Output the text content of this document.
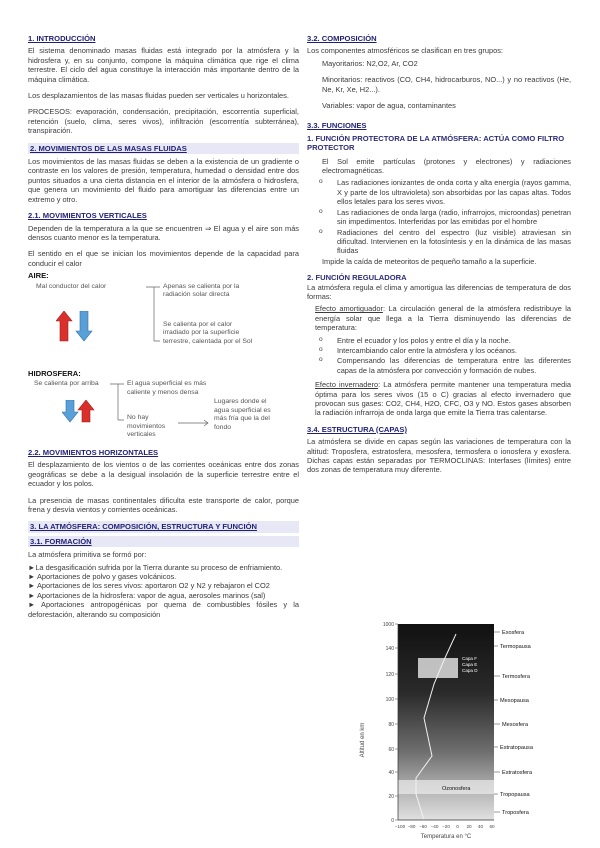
1. INTRODUCCIÓN
El sistema denominado masas fluidas está integrado por la atmósfera y la hidrosfera y, en su conjunto, compone la máquina climática que rige el clima terrestre. El ciclo del agua constituye la interacción más importante dentro de la máquina climática.
Los desplazamientos de las masas fluidas pueden ser verticales u horizontales.
PROCESOS: evaporación, condensación, precipitación, escorrentía superficial, retención (suelo, clima, seres vivos), infiltración (escorrentía subterránea), transpiración.
2. MOVIMIENTOS DE LAS MASAS FLUIDAS
Los movimientos de las masas fluidas se deben a la existencia de un gradiente o contraste en los valores de presión, temperatura, humedad o densidad entre dos puntos situados a una cierta distancia en el interior de la atmósfera o hidrosfera, que genera un movimiento del fluido para amortiguar las diferencias entre un extremo y otro.
2.1. MOVIMIENTOS VERTICALES
Dependen de la temperatura a la que se encuentren ⇒ El agua y el aire son más densos cuanto menor es la temperatura.
El sentido en el que se inician los movimientos depende de la capacidad para conducir el calor
AIRE:
Mal conductor del calor	Apenas se calienta por la radiación solar directa
Se calienta por el calor irradiado por la superficie terrestre, calentada por el Sol
HIDROSFERA:
Se calienta por arriba	El agua superficial es más caliente y menos densa
No hay movimientos verticales
Lugares donde el agua superficial es más fría que la del fondo
2.2. MOVIMIENTOS HORIZONTALES
El desplazamiento de los vientos o de las corrientes oceánicas entre dos zonas geográficas se debe a la desigual insolación de la superficie terrestre entre el ecuador y los polos.
La presencia de masas continentales dificulta este transporte de calor, porque frena y desvía vientos y corrientes oceánicas.
3. LA ATMÓSFERA: COMPOSICIÓN, ESTRUCTURA Y FUNCIÓN
3.1. FORMACIÓN
La atmósfera primitiva se formó por:
►La desgasificación sufrida por la Tierra durante su proceso de enfriamiento.
► Aportaciones de polvo y gases volcánicos.
► Aportaciones de los seres vivos: aportaron O2 y N2 y rebajaron el CO2
► Aportaciones de la hidrosfera: vapor de agua, aerosoles marinos (sal)
► Aportaciones antropogénicas por quema de combustibles fósiles y la deforestación, alterando su composición
3.2. COMPOSICIÓN
Los componentes atmosféricos se clasifican en tres grupos:
Mayoritarios: N2,O2, Ar, CO2
Minoritarios: reactivos (CO, CH4, hidrocarburos, NO...) y no reactivos (He, Ne, Kr, Xe, H2...).
Variables: vapor de agua, contaminantes
3.3. FUNCIONES
1. FUNCIÓN PROTECTORA DE LA ATMÓSFERA: ACTÚA COMO FILTRO PROTECTOR
El Sol emite partículas (protones y electrones) y radiaciones electromagnéticas.
o Las radiaciones ionizantes de onda corta y alta energía (rayos gamma, X y parte de los ultravioleta) son absorbidas por las capas altas. Todos ellos letales para los seres vivos.
o Las radiaciones de onda larga (radio, infrarrojos, microondas) penetran sin impedimentos. Interferidas por las emitidas por el hombre
o Radiaciones del centro del espectro (luz visible) atraviesan sin dificultad. Intervienen en la fotosíntesis y en la dinámica de las masas fluidas
Impide la caída de meteoritos de pequeño tamaño a la superficie.
2. FUNCIÓN REGULADORA
La atmósfera regula el clima y amortigua las diferencias de temperatura de dos formas:
Efecto amortiguador: La circulación general de la atmósfera redistribuye la energía solar que llega a la Tierra disminuyendo las diferencias de temperatura:
o Entre el ecuador y los polos y entre el día y la noche.
o Intercambiando calor entre la atmósfera y los océanos.
o Compensando las diferencias de temperatura entre las diferentes capas de la atmósfera por convección y formación de nubes.
Efecto invernadero: La atmósfera permite mantener una temperatura media óptima para los seres vivos (15 o C) gracias al efecto invernadero que provocan sus gases: CO2, CH4, H2O, CFC, O3 y NO. Estos gases absorben la radiación infrarroja de onda larga que emite la Tierra tras calentarse.
3.4. ESTRUCTURA (CAPAS)
La atmósfera se divide en capas según las variaciones de temperatura con la altitud: Troposfera, estratosfera, mesosfera, termosfera o ionosfera y exosfera. Dichas capas están separadas por TERMOCLINAS: Interfases (límites) entre dos zonas de temperatura muy diferente.
1000
140
120
100
80
60
40
20
0
−100 −80 −60 −40 −20 0 20 40 60
Exosfera
Termopausa
Termosfera
Mesopausa
Mesosfera
Estratopausa
Estratosfera
Tropopausa
Troposfera
Capa F
Capa E
Capa D
Ozonosfera
Altitud en km
Temperatura en °C
